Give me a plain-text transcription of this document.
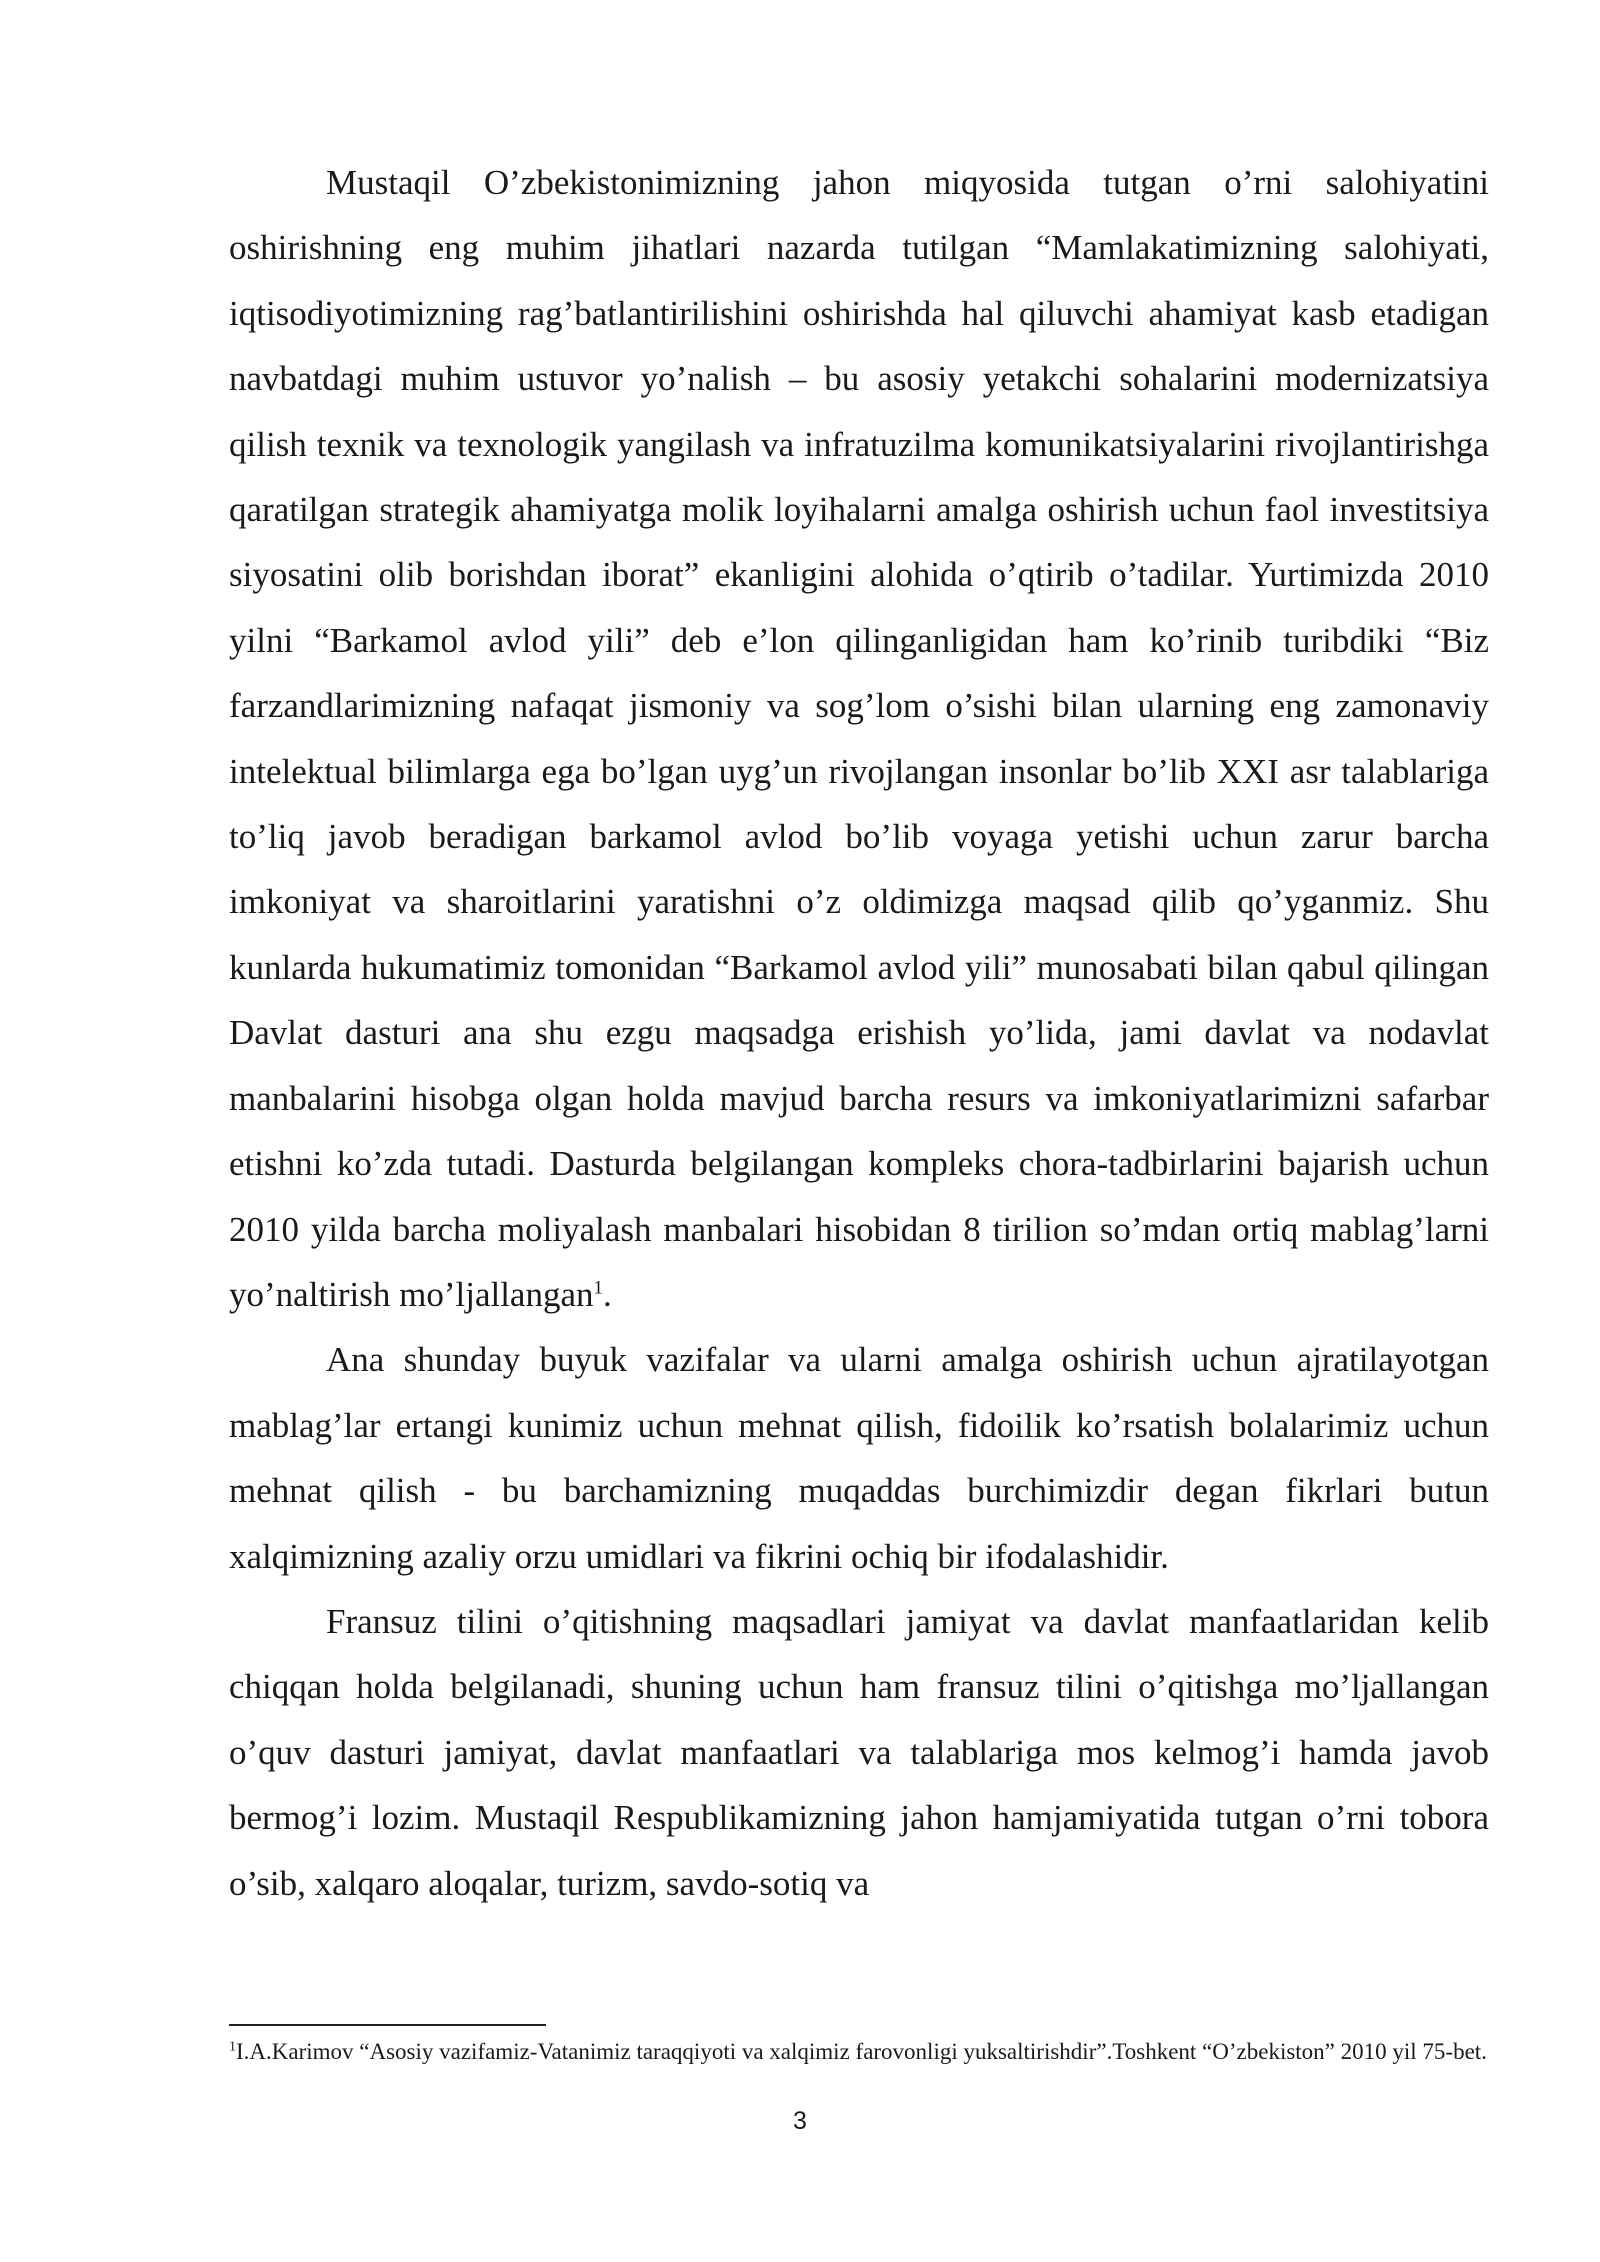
Mustaqil O’zbekistonimizning jahon miqyosida tutgan o’rni salohiyatini oshirishning eng muhim jihatlari nazarda tutilgan “Mamlakatimizning salohiyati, iqtisodiyotimizning rag’batlantirilishini oshirishda hal qiluvchi ahamiyat kasb etadigan navbatdagi muhim ustuvor yo’nalish – bu asosiy yetakchi sohalarini modernizatsiya qilish texnik va texnologik yangilash va infratuzilma komunikatsiyalarini rivojlantirishga qaratilgan strategik ahamiyatga molik loyihalarni amalga oshirish uchun faol investitsiya siyosatini olib borishdan iborat” ekanligini alohida o’qtirib o’tadilar. Yurtimizda 2010 yilni “Barkamol avlod yili” deb e’lon qilinganligidan ham ko’rinib turibdiki “Biz farzandlarimizning nafaqat jismoniy va sog’lom o’sishi bilan ularning eng zamonaviy intelektual bilimlarga ega bo’lgan uyg’un rivojlangan insonlar bo’lib XXI asr talablariga to’liq javob beradigan barkamol avlod bo’lib voyaga yetishi uchun zarur barcha imkoniyat va sharoitlarini yaratishni o’z oldimizga maqsad qilib qo’yganmiz. Shu kunlarda hukumatimiz tomonidan “Barkamol avlod yili” munosabati bilan qabul qilingan Davlat dasturi ana shu ezgu maqsadga erishish yo’lida, jami davlat va nodavlat manbalarini hisobga olgan holda mavjud barcha resurs va imkoniyatlarimizni safarbar etishni ko’zda tutadi. Dasturda belgilangan kompleks chora-tadbirlarini bajarish uchun 2010 yilda barcha moliyalash manbalari hisobidan 8 tirilion so’mdan ortiq mablag’larni yo’naltirish mo’ljallangan$^1$.

Ana shunday buyuk vazifalar va ularni amalga oshirish uchun ajratilayotgan mablag’lar ertangi kunimiz uchun mehnat qilish, fidoilik ko’rsatish bolalarimiz uchun mehnat qilish - bu barchamizning muqaddas burchimizdir degan fikrlari butun xalqimizning azaliy orzu umidlari va fikrini ochiq bir ifodalashidir.

Fransuz tilini o’qitishning maqsadlari jamiyat va davlat manfaatlaridan kelib chiqqan holda belgilanadi, shuning uchun ham fransuz tilini o’qitishga mo’ljallangan o’quv dasturi jamiyat, davlat manfaatlari va talablariga mos kelmog’i hamda javob bermog’i lozim. Mustaqil Respublikamizning jahon hamjamiyatida tutgan o’rni tobora o’sib, xalqaro aloqalar, turizm, savdo-sotiq va

$^1$I.A.Karimov “Asosiy vazifamiz-Vatanimiz taraqqiyoti va xalqimiz farovonligi yuksaltirishdir”.Toshkent “O’zbekiston” 2010 yil 75-bet.

3
